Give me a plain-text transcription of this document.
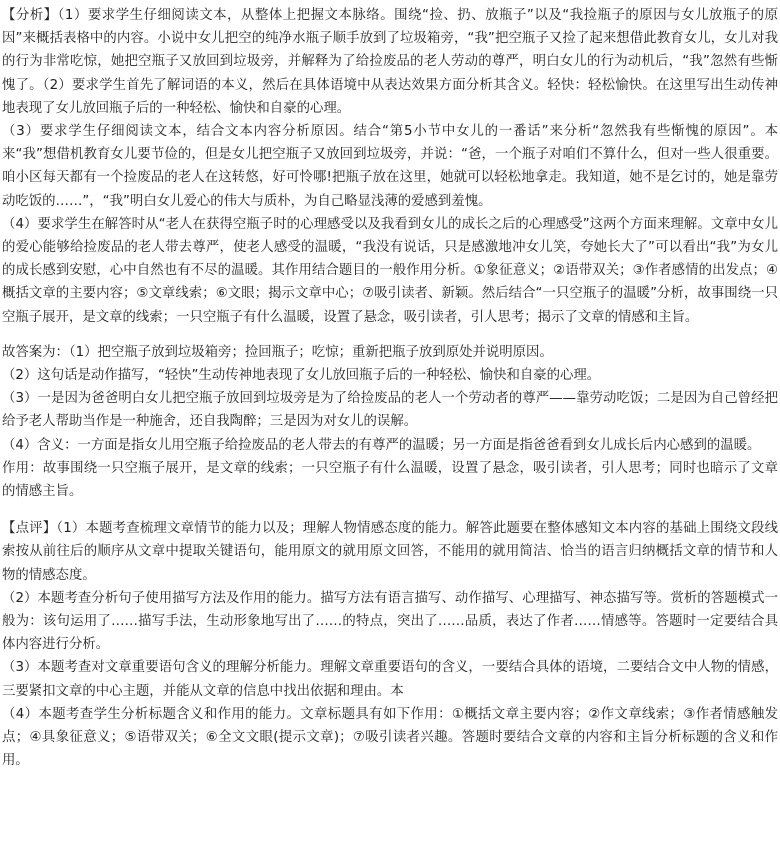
【分析】（1）要求学生仔细阅读文本，从整体上把握文本脉络。围绕“捡、扔、放瓶子”以及“我捡瓶子的原因与女儿放瓶子的原因”来概括表格中的内容。小说中女儿把空的纯净水瓶子顺手放到了垃圾箱旁，“我”把空瓶子又捡了起来想借此教育女儿，女儿对我的行为非常吃惊，她把空瓶子又放回到垃圾旁，并解释为了给捡废品的老人劳动的尊严，明白女儿的行为动机后，“我”忽然有些惭愧了。（2）要求学生首先了解词语的本义，然后在具体语境中从表达效果方面分析其含义。轻快：轻松愉快。在这里写出生动传神地表现了女儿放回瓶子后的一种轻松、愉快和自豪的心理。

（3）要求学生仔细阅读文本，结合文本内容分析原因。结合“第5小节中女儿的一番话”来分析“忽然我有些惭愧的原因”。本来“我”想借机教育女儿要节俭的，但是女儿把空瓶子又放回到垃圾旁，并说：“爸，一个瓶子对咱们不算什么，但对一些人很重要。咱小区每天都有一个捡废品的老人在这转悠，好可怜哪!把瓶子放在这里，她就可以轻松地拿走。我知道，她不是乞讨的，她是靠劳动吃饭的……”，“我”明白女儿爱心的伟大与质朴，为自己略显浅薄的爱感到羞愧。

（4）要求学生在解答时从“老人在获得空瓶子时的心理感受以及我看到女儿的成长之后的心理感受”这两个方面来理解。文章中女儿的爱心能够给捡废品的老人带去尊严，使老人感受的温暖，“我没有说话，只是感激地冲女儿笑，夸她长大了”可以看出“我”为女儿的成长感到安慰，心中自然也有不尽的温暖。其作用结合题目的一般作用分析。①象征意义；②语带双关；③作者感情的出发点；④概括文章的主要内容；⑤文章线索；⑥文眼；揭示文章中心；⑦吸引读者、新颖。然后结合“一只空瓶子的温暖”分析，故事围绕一只空瓶子展开，是文章的线索；一只空瓶子有什么温暖，设置了悬念，吸引读者，引人思考；揭示了文章的情感和主旨。

故答案为：（1）把空瓶子放到垃圾箱旁；捡回瓶子；吃惊；重新把瓶子放到原处并说明原因。

（2）这句话是动作描写，“轻快”生动传神地表现了女儿放回瓶子后的一种轻松、愉快和自豪的心理。

（3）一是因为爸爸明白女儿把空瓶子放回到垃圾旁是为了给捡废品的老人一个劳动者的尊严——靠劳动吃饭；二是因为自己曾经把给予老人帮助当作是一种施舍，还自我陶醉；三是因为对女儿的误解。

（4）含义：一方面是指女儿用空瓶子给捡废品的老人带去的有尊严的温暖；另一方面是指爸爸看到女儿成长后内心感到的温暖。

作用：故事围绕一只空瓶子展开，是文章的线索；一只空瓶子有什么温暖，设置了悬念，吸引读者，引人思考；同时也暗示了文章的情感主旨。

【点评】（1）本题考查梳理文章情节的能力以及；理解人物情感态度的能力。解答此题要在整体感知文本内容的基础上围绕文段线索按从前往后的顺序从文章中提取关键语句，能用原文的就用原文回答，不能用的就用简洁、恰当的语言归纳概括文章的情节和人物的情感态度。

（2）本题考查分析句子使用描写方法及作用的能力。描写方法有语言描写、动作描写、心理描写、神态描写等。赏析的答题模式一般为：该句运用了……描写手法，生动形象地写出了……的特点，突出了……品质，表达了作者……情感等。答题时一定要结合具体内容进行分析。

（3）本题考查对文章重要语句含义的理解分析能力。理解文章重要语句的含义，一要结合具体的语境，二要结合文中人物的情感，三要紧扣文章的中心主题，并能从文章的信息中找出依据和理由。本

（4）本题考查学生分析标题含义和作用的能力。文章标题具有如下作用：①概括文章主要内容；②作文章线索；③作者情感触发点；④具象征意义；⑤语带双关；⑥全文文眼(提示文章)；⑦吸引读者兴趣。答题时要结合文章的内容和主旨分析标题的含义和作用。
